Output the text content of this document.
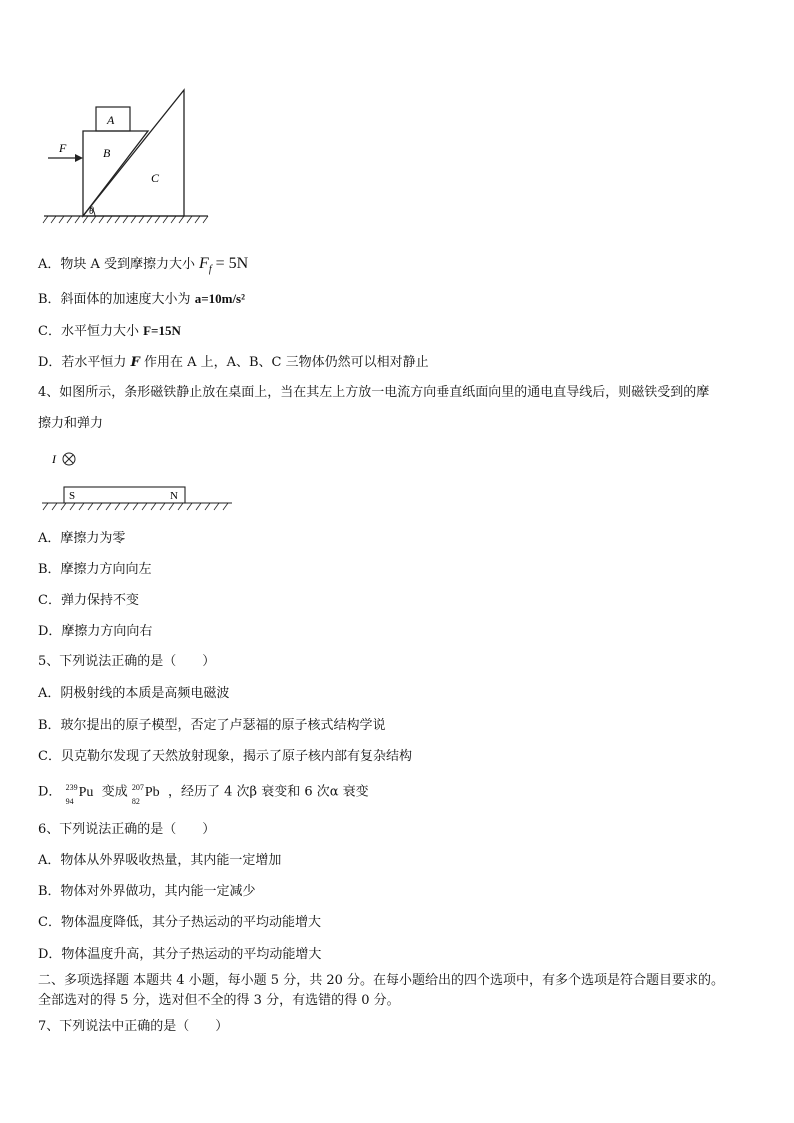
A
B
C
F
θ
A．物块 A 受到摩擦力大小 $F_f = 5N$
B．斜面体的加速度大小为 a=10m/s²
C．水平恒力大小 F=15N
D．若水平恒力 F 作用在 A 上，A、B、C 三物体仍然可以相对静止
4、如图所示，条形磁铁静止放在桌面上，当在其左上方放一电流方向垂直纸面向里的通电直导线后，则磁铁受到的摩
擦力和弹力
I
S	N
A．摩擦力为零
B．摩擦力方向向左
C．弹力保持不变
D．摩擦力方向向右
5、下列说法正确的是（　　）
A．阴极射线的本质是高频电磁波
B．玻尔提出的原子模型，否定了卢瑟福的原子核式结构学说
C．贝克勒尔发现了天然放射现象，揭示了原子核内部有复杂结构
D． 239
94
Pu 变成 207
82
Pb ，经历了 4 次β 衰变和 6 次α 衰变
6、下列说法正确的是（　　）
A．物体从外界吸收热量，其内能一定增加
B．物体对外界做功，其内能一定减少
C．物体温度降低，其分子热运动的平均动能增大
D．物体温度升高，其分子热运动的平均动能增大
二、多项选择题 本题共 4 小题，每小题 5 分，共 20 分。在每小题给出的四个选项中，有多个选项是符合题目要求的。
全部选对的得 5 分，选对但不全的得 3 分，有选错的得 0 分。
7、下列说法中正确的是（　　）
